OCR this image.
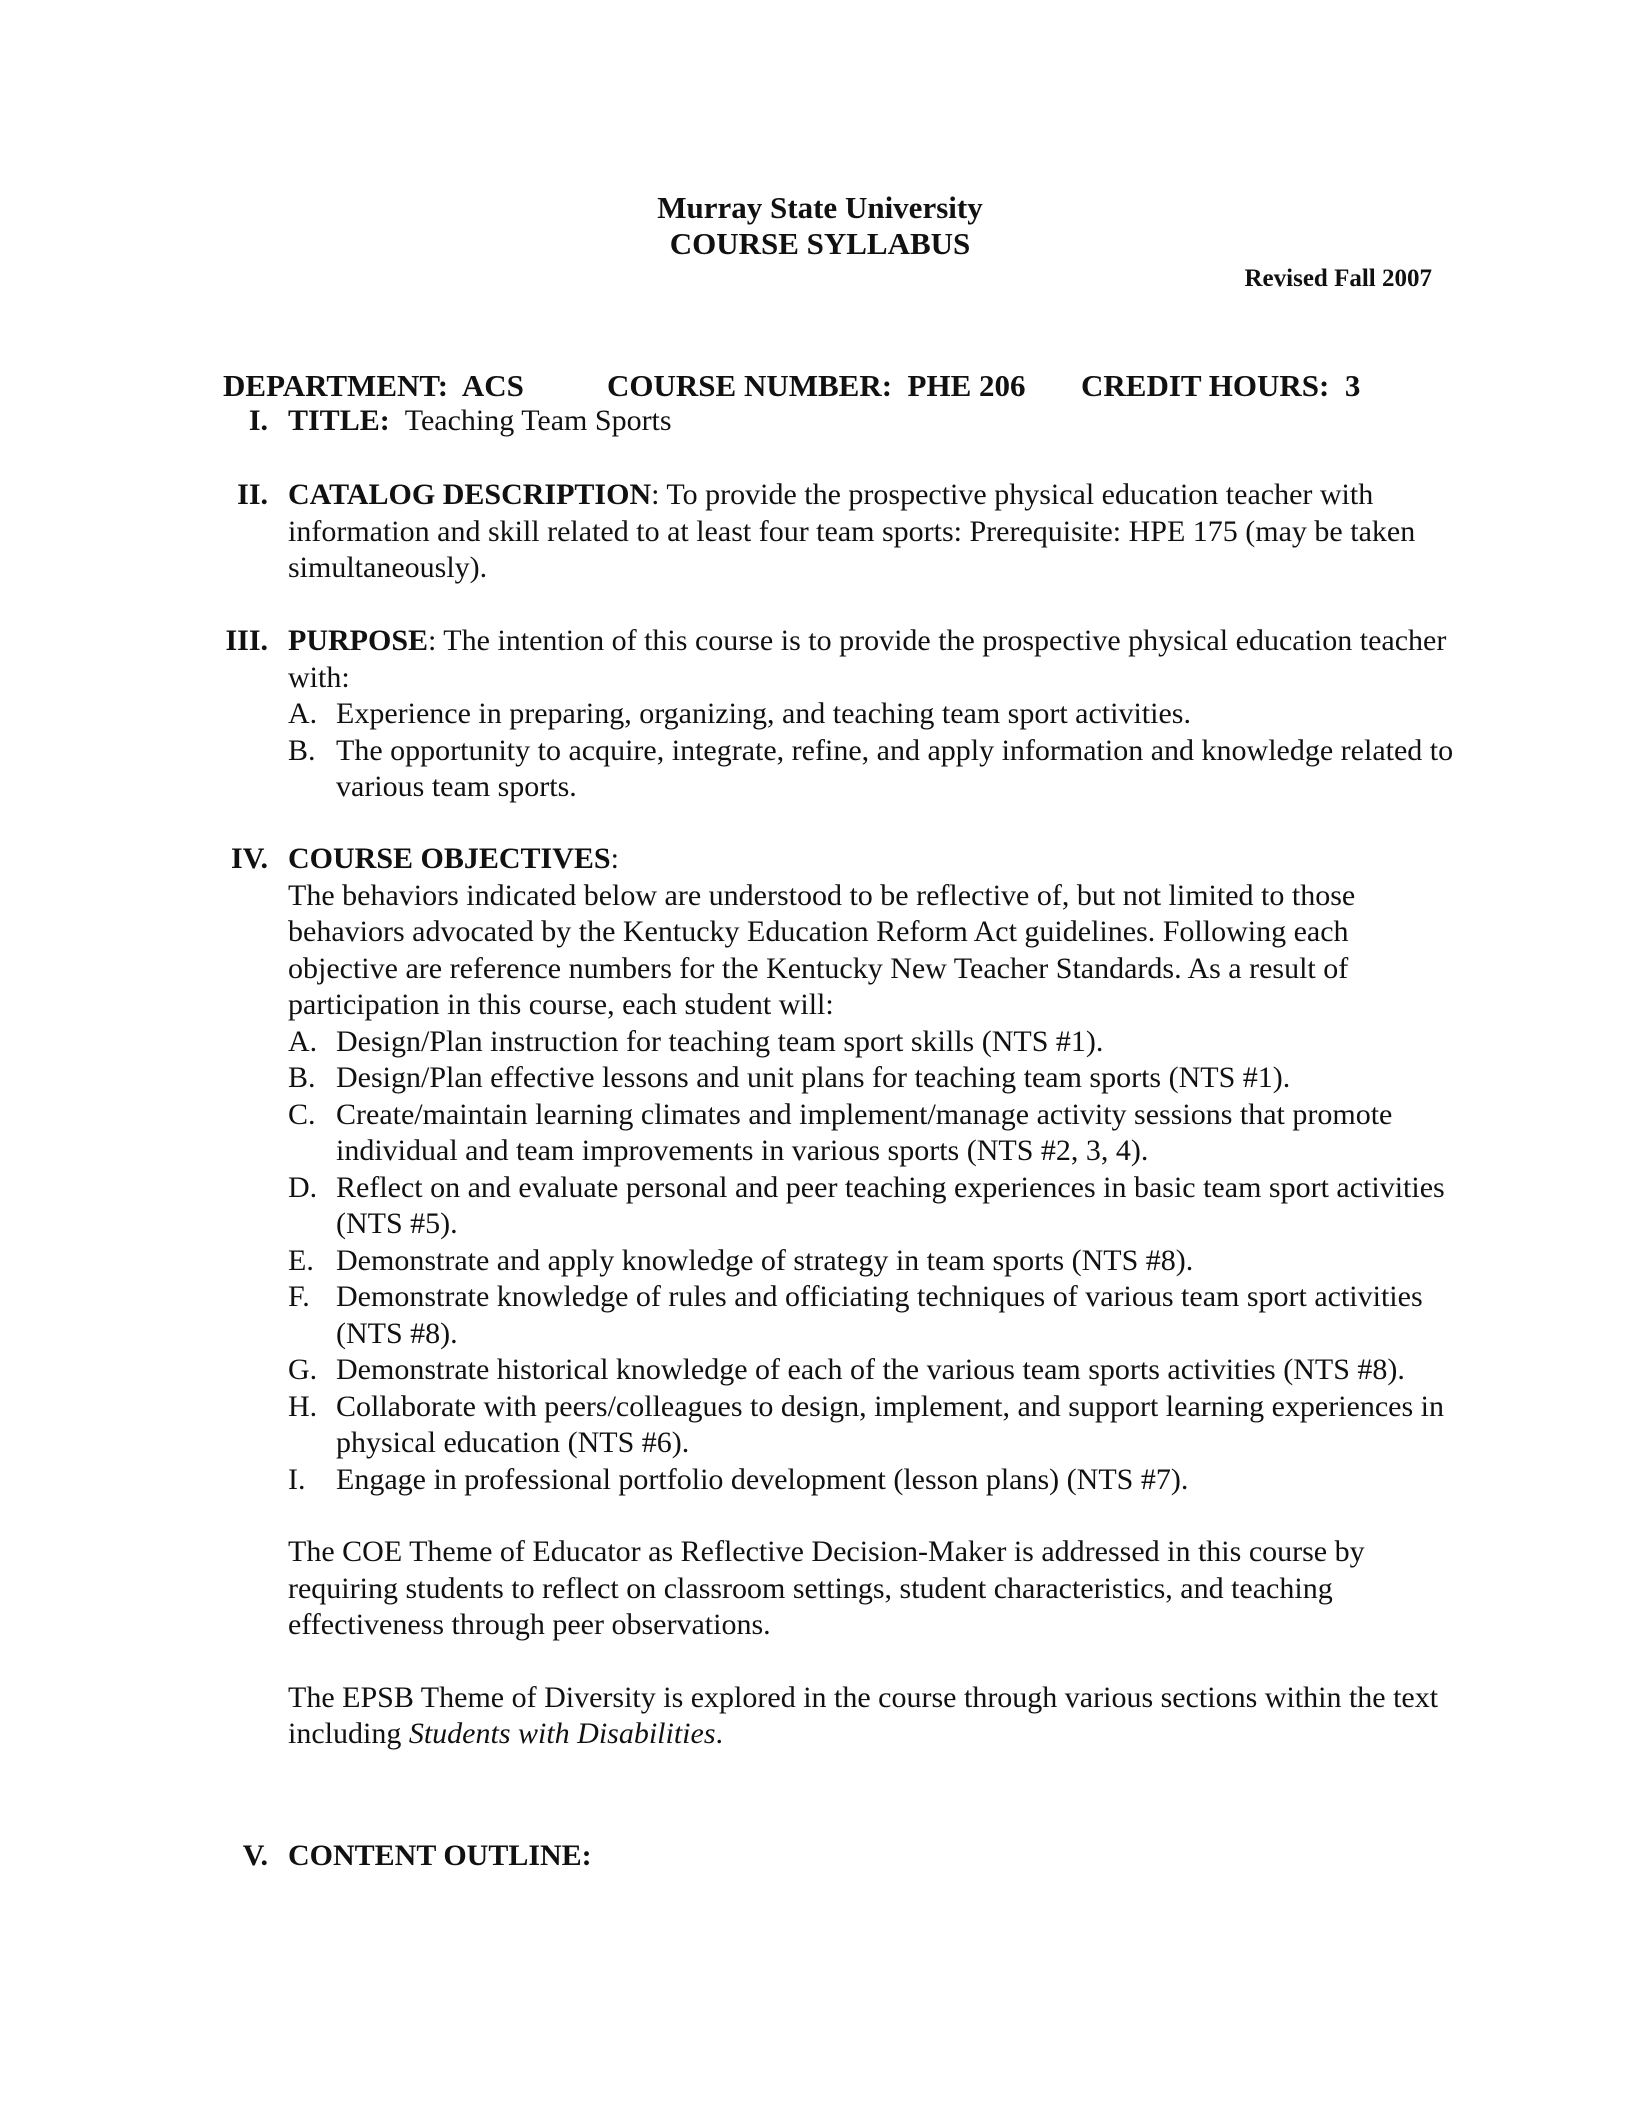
Murray State University
COURSE SYLLABUS
Revised Fall 2007

DEPARTMENT:  ACS	COURSE NUMBER:  PHE 206 CREDIT HOURS:  3

I. TITLE: Teaching Team Sports
II. CATALOG DESCRIPTION: To provide the prospective physical education teacher with information and skill related to at least four team sports: Prerequisite: HPE 175 (may be taken simultaneously).
III. PURPOSE: The intention of this course is to provide the prospective physical education teacher with:
A. Experience in preparing, organizing, and teaching team sport activities.
B. The opportunity to acquire, integrate, refine, and apply information and knowledge related to various team sports.
IV. COURSE OBJECTIVES:
The behaviors indicated below are understood to be reflective of, but not limited to those behaviors advocated by the Kentucky Education Reform Act guidelines. Following each objective are reference numbers for the Kentucky New Teacher Standards. As a result of participation in this course, each student will:
A. Design/Plan instruction for teaching team sport skills (NTS #1).
B. Design/Plan effective lessons and unit plans for teaching team sports (NTS #1).
C. Create/maintain learning climates and implement/manage activity sessions that promote individual and team improvements in various sports (NTS #2, 3, 4).
D. Reflect on and evaluate personal and peer teaching experiences in basic team sport activities (NTS #5).
E. Demonstrate and apply knowledge of strategy in team sports (NTS #8).
F. Demonstrate knowledge of rules and officiating techniques of various team sport activities (NTS #8).
G. Demonstrate historical knowledge of each of the various team sports activities (NTS #8).
H. Collaborate with peers/colleagues to design, implement, and support learning experiences in physical education (NTS #6).
I. Engage in professional portfolio development (lesson plans) (NTS #7).
The COE Theme of Educator as Reflective Decision-Maker is addressed in this course by requiring students to reflect on classroom settings, student characteristics, and teaching effectiveness through peer observations.
The EPSB Theme of Diversity is explored in the course through various sections within the text including Students with Disabilities.
V. CONTENT OUTLINE:
